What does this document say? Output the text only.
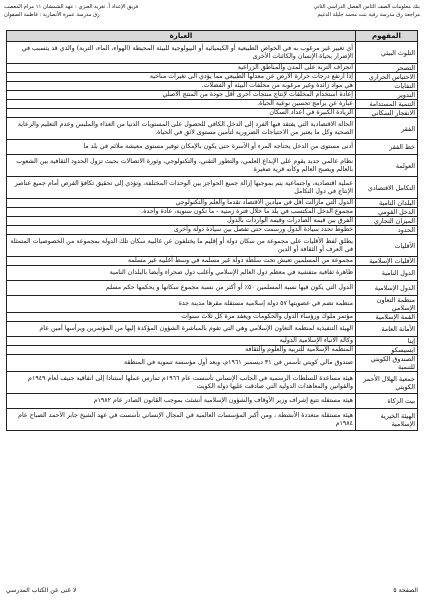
بنك معلومات الصف الثامن الفصل الدراسي الثاني
فريق الإعداد أ. تغريد العنزي : عهد الشمشان ١١ مرام المعصب
مراجعة رق مدرسة رقية بنت محمد جليلة الدغيم
رق مدرسة عمرة الأنصارية : فاطمة الصفوان
المفهوم	العبارة
التلوث البيئي	أي تغيير غير مرغوب به في الخواص الطبيعية أو الكيميائية أو البيولوجية للبيئة المحيطة (الهواء، الماء، التربة) والذي قد يتسبب في الإضرار بحياة الإنسان والكائنات الأخرى
التصحر	انجراف التربة على المدن والمناطق الزراعية
الاحتباس الحراري	إذا ارتفع درجات حرارة الأرض عن معدلها الطبيعي مما يؤدي الى تغيرات مناخية
النفايات	هي مواد زائدة وغير مرغوبة من مخلفات البيئة أو الفضلات.
التدوير	إعادة استخدام المخلفات لإنتاج منتجات أخرى أقل جودة من المنتج الأصلي
التنمية المستدامة	عبارة عن برامج تحسين نوعية الحياة.
الانفجار السكاني	الزيادة الكبيرة في أعداد السكان
الفقر	الحالة الاقتصادية التي يفتقد فيها الفرد إلى الدخل الكافي للحصول على المستويات الدنيا من الغذاء والملبس وعدم التعليم والرعاية الصحية وكل ما يعتبر من الاحتياجات الضرورية لتأمين مستوى لائق في الحياة.
خط الفقر	أدنى مستوى من الدخل يحتاجه المرء أو الأسرة حتى يكون بالإمكان توفير مستوى معيشة ملائم في بلد ما
العولمة	نظام عالمي جديد يقوم على الإبداع العلمي، والتطور التقني، والتكنولوجي، وثورة الاتصالات بحيث تزول الحدود الثقافية بين الشعوب بالعالم ويصبح العالم وكأنه قرية صغيرة
التكامل الاقتصادي	عملية اقتصادية، واجتماعية يتم بموجبها إزالة جميع الحواجز بين الوحدات المختلفة، وتؤدي إلى تحقيق تكافؤ الفرص أمام جميع عناصر الإنتاج في دول التكامل
البلدان النامية	الدول التي مازالت أقل في ميادين الاقتصاد تقدما والعلم والتكنولوجي
الدخل القومي	مجموع الدخل المكتسب في بلد ما خلال فترة زمنية - ما تكون سنوية، عادة واحدة.
الميزان التجاري	الفرق بين قيمة الصادرات وقيمة الواردات بالدول
الحدود	خطوط تحدد سيادة الدول ورسمت حتى تفصل بين سيادة دولة وأخرى
الأقليات	يطلق لفظ الأقليات على مجموعة من سكان دولة أو إقليم ما يختلفون عن غالبية سكان تلك الدولة بمجموعة من الخصوصيات المتمثلة في العرف أو الثقافة أو الدين
الأقليات الإسلامية	مجموعة من المسلمين تعيش تحت سلطة دولة غير مسلمة في وسط أغلبية غير مسلمة
الدول النامية	ظاهرة ثقافية متفشية في معظم دول العالم الإسلامي وأغلب دول صحراء وأيضا بالبلدان النامية
الدول الإسلامية	الدول التي يكون فيها نسبة المسلمين ٥٠٪ أو أكثر من نسبة مجموع سكانها و يحكمها حكم مسلم
منظمة التعاون الإسلامي	منظمة تضم في عضويتها ٥٧ دولة إسلامية مستقلة مقرها مدينة جدة
القمة الإسلامية	مؤتمر ملوك ورؤساء الدول والحكومات ويعقد مرة كل ثلاث سنوات
الأمانة العامة	الهيئة التنفيذية لمنظمة التعاون الإسلامي وهي التي تقوم بالمباشرة الشؤون المؤكدة إليها من المؤتمرين ويرأسها أمين عام
إينا	وكالة الأنباء الإسلامية الدولية
ايسيسكو	المنظمة الإسلامية للتربية والعلوم والثقافة
الصندوق الكويتي للتنمية	صندوق مالي كويتي تأسس في ٣١ ديسمبر ١٩٦١م، ويعد أول مؤسسة تنموية في المنطقة
جمعية الهلال الأحمر الكويتي	هيئة مساعدة للسلطات الرسمية في الجانب الإنساني تأسست عام ١٩٦٦م تمارس عملها استنادا إلى اتفاقية جنيف لعام ١٩٤٩م والقوانين والمعاهدات الدولية التي صادقت عليها دولة الكويت
بيت الزكاة	هيئة مستقلة تتبع إشراف وزير الأوقاف والشؤون الإسلامية أنشئت بموجب القانون الصادر عام ١٩٨٢م
الهيئة الخيرية الإسلامية	هيئة مستقلة متعددة الأنشطة ، ومن أكبر المؤسسات العالمية في المجال الإنساني تأسست في عهد الشيخ جابر الأحمد الصباح عام ١٩٨٤م
الصفحة ٥
لا غنى عن الكتاب المدرسي
